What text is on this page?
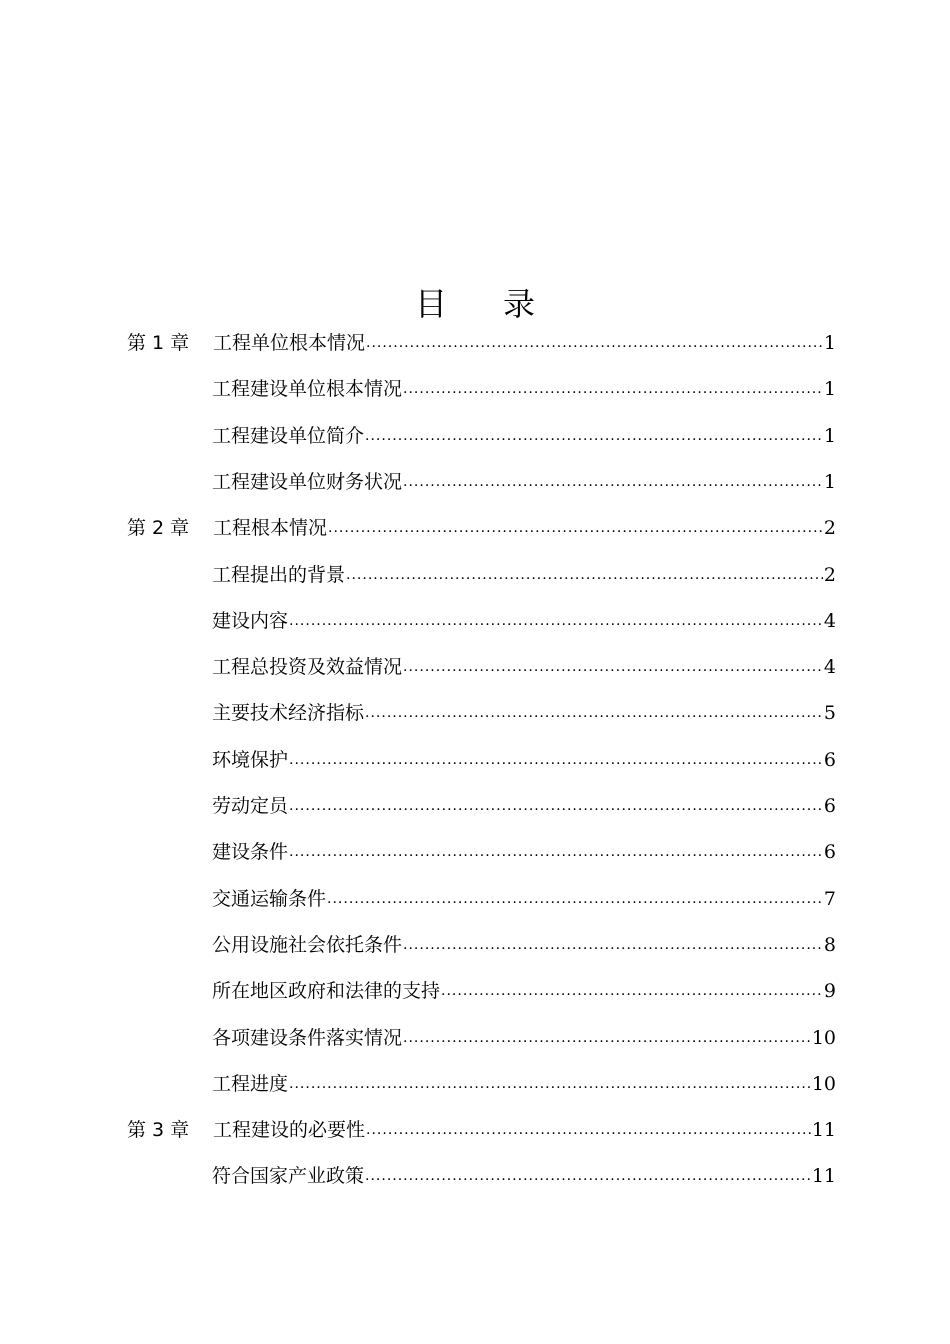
目 录
第 1 章	工程单位根本情况 .....	1
工程建设单位根本情况 .....	1
工程建设单位简介 .....	1
工程建设单位财务状况 .....	1
第 2 章	工程根本情况 .....	2
工程提出的背景 .....	2
建设内容 .....	4
工程总投资及效益情况 .....	4
主要技术经济指标 .....	5
环境保护 .....	6
劳动定员 .....	6
建设条件 .....	6
交通运输条件 .....	7
公用设施社会依托条件 .....	8
所在地区政府和法律的支持 .....	9
各项建设条件落实情况 .....	10
工程进度 .....	10
第 3 章	工程建设的必要性 .....	11
符合国家产业政策 .....	11
